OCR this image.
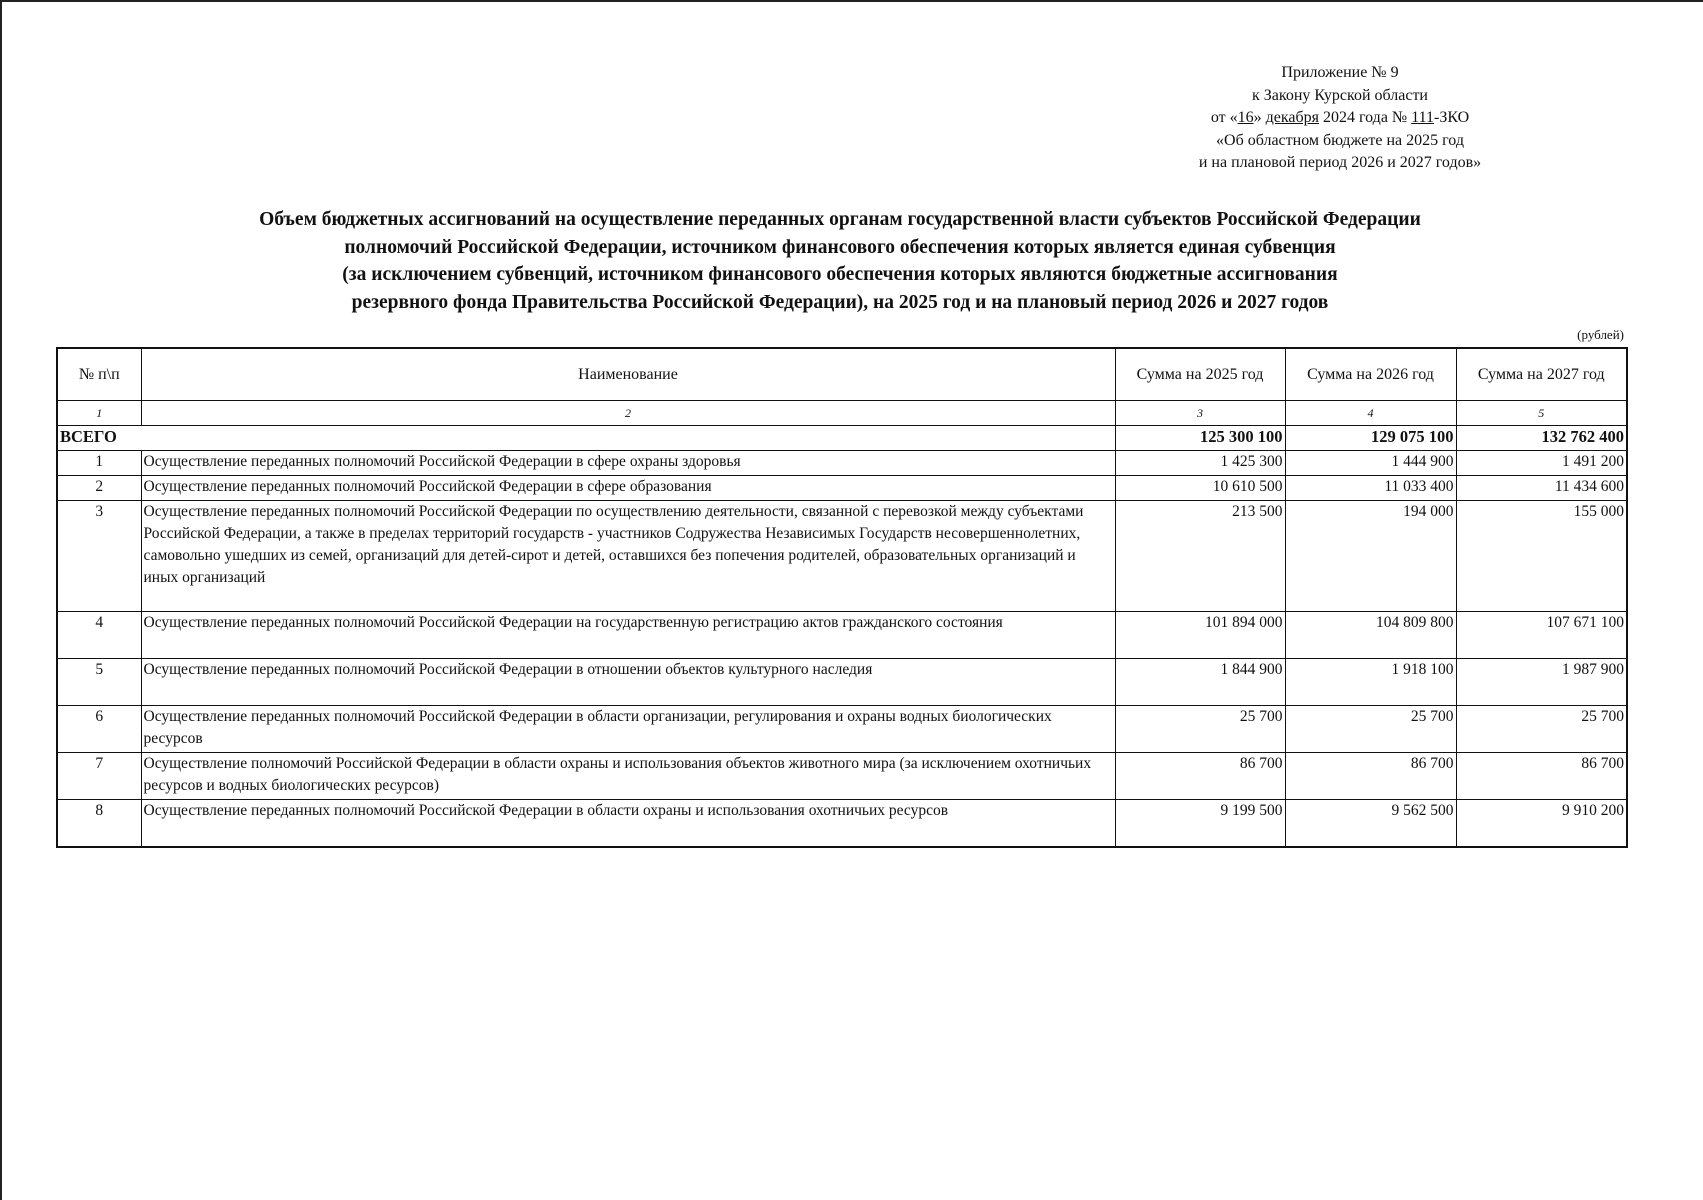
Приложение № 9
к Закону Курской области
от «16» декабря 2024 года № 111-ЗКО
«Об областном бюджете на 2025 год
и на плановой период 2026 и 2027 годов»
Объем бюджетных ассигнований на осуществление переданных органам государственной власти субъектов Российской Федерации
полномочий Российской Федерации, источником финансового обеспечения которых является единая субвенция
(за исключением субвенций, источником финансового обеспечения которых являются бюджетные ассигнования
резервного фонда Правительства Российской Федерации), на 2025 год и на плановый период 2026 и 2027 годов
(рублей)
№ п\п	Наименование	Сумма на 2025 год	Сумма на 2026 год	Сумма на 2027 год
1	2	3	4	5
ВСЕГО		125 300 100	129 075 100	132 762 400
1	Осуществление переданных полномочий Российской Федерации в сфере охраны здоровья	1 425 300	1 444 900	1 491 200
2	Осуществление переданных полномочий Российской Федерации в сфере образования	10 610 500	11 033 400	11 434 600
3	Осуществление переданных полномочий Российской Федерации по осуществлению деятельности, связанной с перевозкой между субъектами Российской Федерации, а также в пределах территорий государств - участников Содружества Независимых Государств несовершеннолетних, самовольно ушедших из семей, организаций для детей-сирот и детей, оставшихся без попечения родителей, образовательных организаций и иных организаций	213 500	194 000	155 000
4	Осуществление переданных полномочий Российской Федерации на государственную регистрацию актов гражданского состояния	101 894 000	104 809 800	107 671 100
5	Осуществление переданных полномочий Российской Федерации в отношении объектов культурного наследия	1 844 900	1 918 100	1 987 900
6	Осуществление переданных полномочий Российской Федерации в области организации, регулирования и охраны водных биологических ресурсов	25 700	25 700	25 700
7	Осуществление полномочий Российской Федерации в области охраны и использования объектов животного мира (за исключением охотничьих ресурсов и водных биологических ресурсов)	86 700	86 700	86 700
8	Осуществление переданных полномочий Российской Федерации в области охраны и использования охотничьих ресурсов	9 199 500	9 562 500	9 910 200
